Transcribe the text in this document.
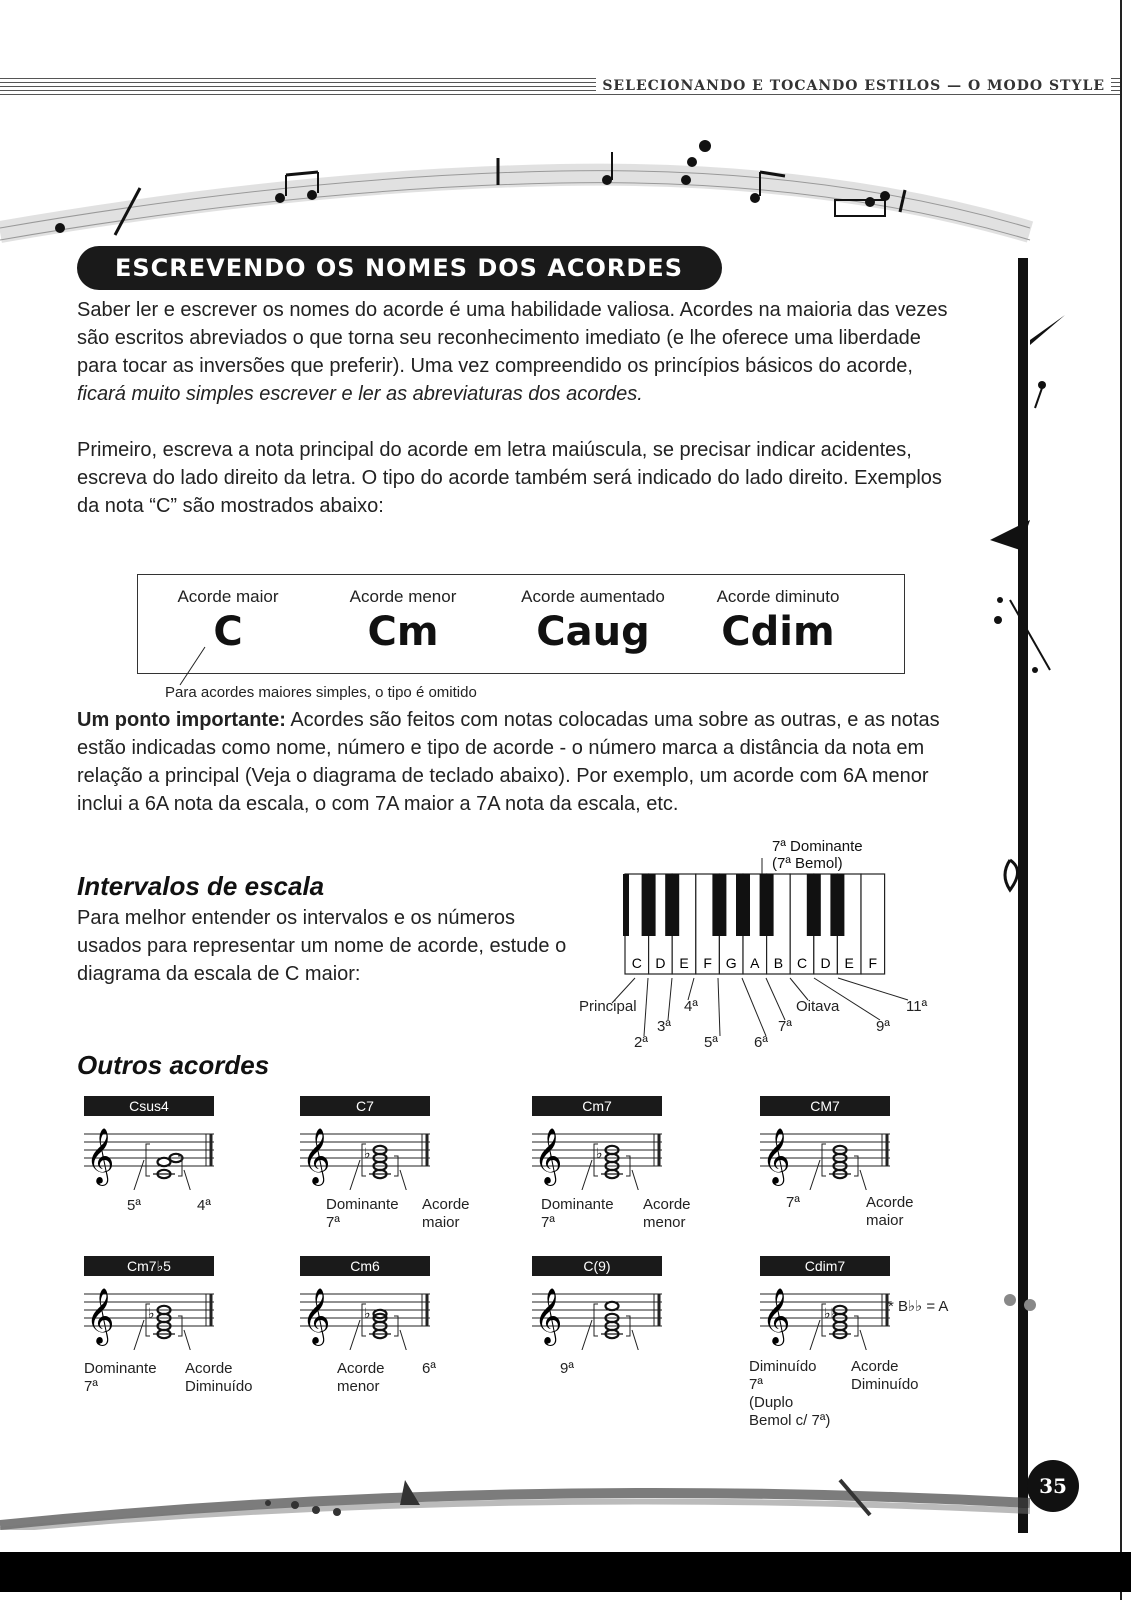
SELECIONANDO E TOCANDO ESTILOS — O MODO STYLE
ESCREVENDO OS NOMES DOS ACORDES

Saber ler e escrever os nomes do acorde é uma habilidade valiosa. Acordes na maioria das vezes são escritos abreviados o que torna seu reconhecimento imediato (e lhe oferece uma liberdade para tocar as inversões que preferir). Uma vez compreendido os princípios básicos do acorde, ficará muito simples escrever e ler as abreviaturas dos acordes.

Primeiro, escreva a nota principal do acorde em letra maiúscula, se precisar indicar acidentes, escreva do lado direito da letra. O tipo do acorde também será indicado do lado direito. Exemplos da nota “C” são mostrados abaixo:

Acorde maior
C
Acorde menor
Cm
Acorde aumentado
Caug
Acorde diminuto
Cdim
Para acordes maiores simples, o tipo é omitido

Um ponto importante: Acordes são feitos com notas colocadas uma sobre as outras, e as notas estão indicadas como nome, número e tipo de acorde - o número marca a distância da nota em relação a principal (Veja o diagrama de teclado abaixo). Por exemplo, um acorde com 6A menor inclui a 6A nota da escala, o com 7A maior a 7A nota da escala, etc.

Intervalos de escala

Para melhor entender os intervalos e os números usados para representar um nome de acorde, estude o diagrama da escala de C maior:	C D E F G A B C D E F
7ª Dominante
(7ª Bemol)
Principal
2ª
3ª
4ª
5ª 6ª
7ª
Oitava
9ª
11ª
Outros acordes
Csus4	C7	Cm7	CM7
𝄞	𝄞 ♭	𝄞 ♭	𝄞
5ª	4ª	Dominante
7ª
Acorde
maior
Dominante
7ª
Acorde
menor
7ª	Acorde
maior
Cm7♭5	Cm6	C(9)	Cdim7
𝄞 ♭	𝄞 ♭	𝄞	𝄞 ♭♭
Dominante
7ª
Acorde
Diminuído
Acorde
menor
6ª	9ª	Diminuído
7ª
(Duplo
Bemol c/ 7ª)
Acorde
Diminuído
* B♭♭ = A
35
